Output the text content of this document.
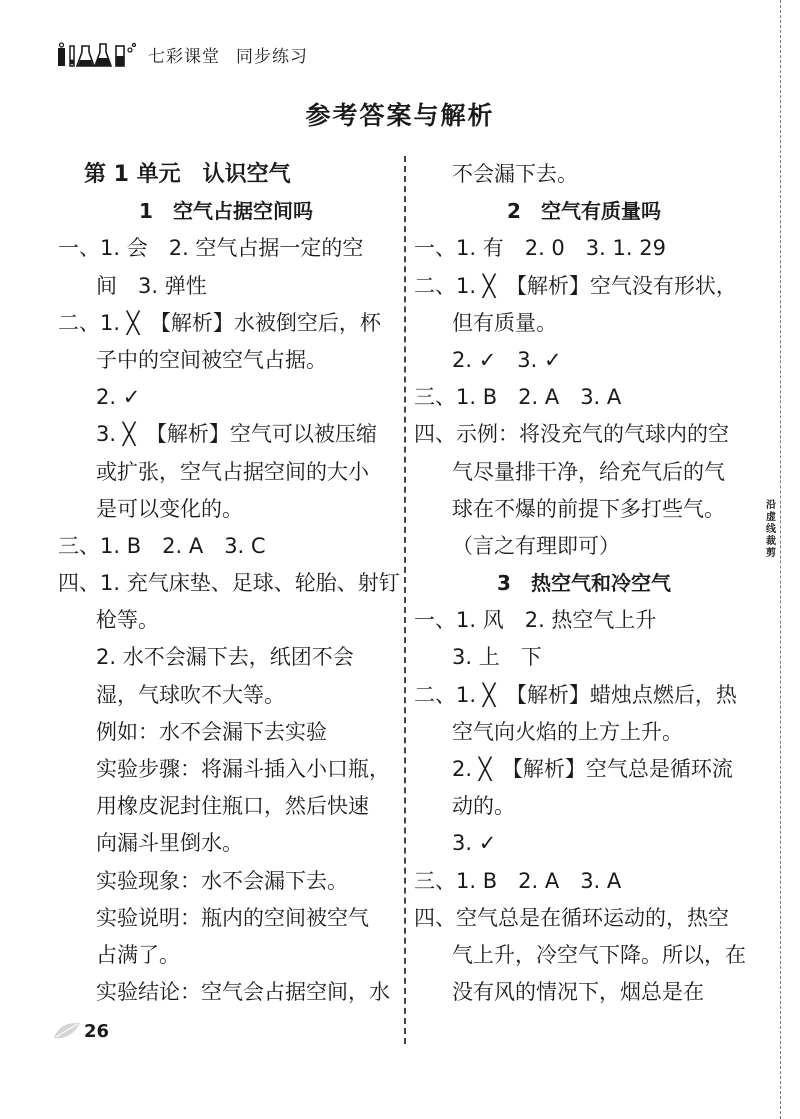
七彩课堂 同步练习
参考答案与解析
第 1 单元　认识空气
1　空气占据空间吗
一、1. 会　2. 空气占据一定的空
间　3. 弹性
二、1. ╳　【解析】水被倒空后，杯
子中的空间被空气占据。
2. ✓
3. ╳　【解析】空气可以被压缩
或扩张，空气占据空间的大小
是可以变化的。
三、1. B　2. A　3. C
四、1. 充气床垫、足球、轮胎、射钉
枪等。
2. 水不会漏下去，纸团不会
湿，气球吹不大等。
例如：水不会漏下去实验
实验步骤：将漏斗插入小口瓶，
用橡皮泥封住瓶口，然后快速
向漏斗里倒水。
实验现象：水不会漏下去。
实验说明：瓶内的空间被空气
占满了。
实验结论：空气会占据空间，水
不会漏下去。
2　空气有质量吗
一、1. 有　2. 0　3. 1. 29
二、1. ╳　【解析】空气没有形状，
但有质量。
2. ✓　3. ✓
三、1. B　2. A　3. A
四、示例：将没充气的气球内的空
气尽量排干净，给充气后的气
球在不爆的前提下多打些气。
（言之有理即可）
3　热空气和冷空气
一、1. 风　2. 热空气上升
3. 上　下
二、1. ╳　【解析】蜡烛点燃后，热
空气向火焰的上方上升。
2. ╳　【解析】空气总是循环流
动的。
3. ✓
三、1. B　2. A　3. A
四、空气总是在循环运动的，热空
气上升，冷空气下降。所以，在
没有风的情况下，烟总是在
沿
虚
线
裁
剪
26
